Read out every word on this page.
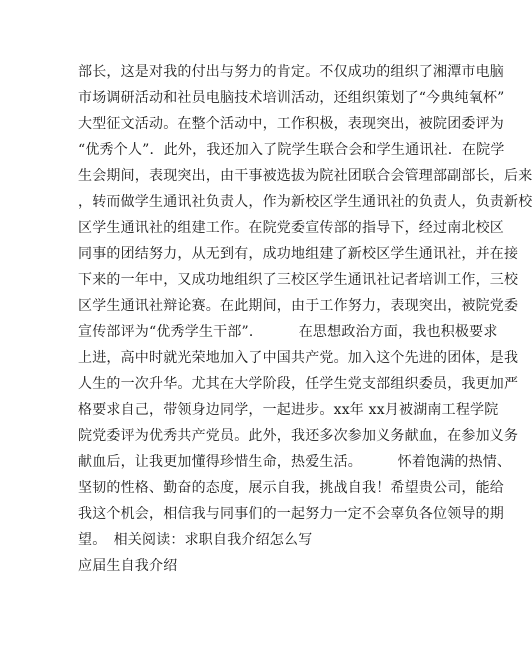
部长，这是对我的付出与努力的肯定。不仅成功的组织了湘潭市电脑
市场调研活动和社员电脑技术培训活动，还组织策划了“今典纯氧杯”
大型征文活动。在整个活动中，工作积极，表现突出，被院团委评为
“优秀个人”．此外，我还加入了院学生联合会和学生通讯社．在院学
生会期间，表现突出，由干事被选拔为院社团联合会管理部副部长，后来
，转而做学生通讯社负责人，作为新校区学生通讯社的负责人，负责新校
区学生通讯社的组建工作。在院党委宣传部的指导下，经过南北校区
同事的团结努力，从无到有，成功地组建了新校区学生通讯社，并在接
下来的一年中，又成功地组织了三校区学生通讯社记者培训工作，三校
区学生通讯社辩论赛。在此期间，由于工作努力，表现突出，被院党委
宣传部评为“优秀学生干部”．　　　在思想政治方面，我也积极要求
上进，高中时就光荣地加入了中国共产党。加入这个先进的团体，是我
人生的一次升华。尤其在大学阶段，任学生党支部组织委员，我更加严
格要求自己，带领身边同学，一起进步。xx年 xx月被湖南工程学院
院党委评为优秀共产党员。此外，我还多次参加义务献血，在参加义务
献血后，让我更加懂得珍惜生命，热爱生活。　　　怀着饱满的热情、
坚韧的性格、勤奋的态度，展示自我，挑战自我！希望贵公司，能给
我这个机会，相信我与同事们的一起努力一定不会辜负各位领导的期
望。　相关阅读：求职自我介绍怎么写
应届生自我介绍
